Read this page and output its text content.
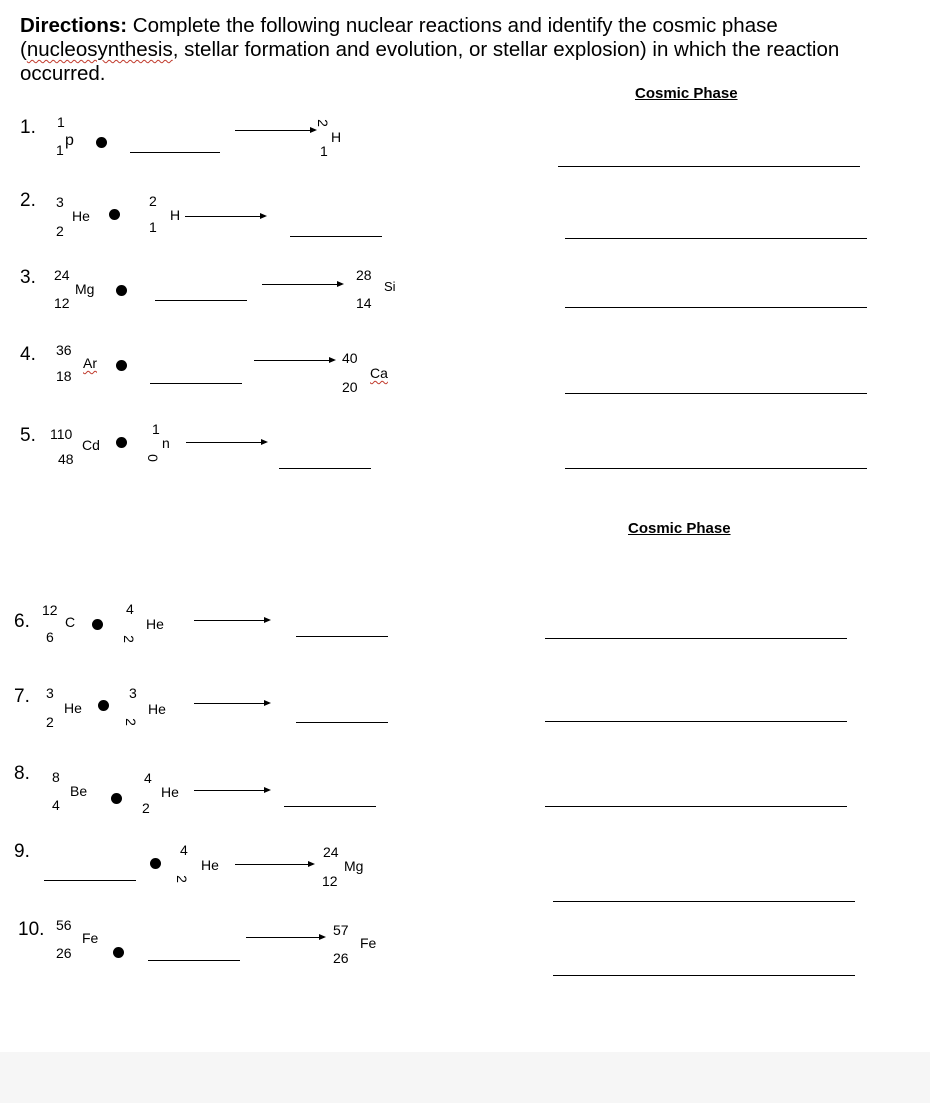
Directions: Complete the following nuclear reactions and identify the cosmic phase (nucleosynthesis, stellar formation and evolution, or stellar explosion) in which the reaction occurred.
Cosmic Phase
Cosmic Phase
1. 1
1
p
2
1
H
2. 3
2
He
2
1
H
3. 24
12
Mg
28
14
Si
4. 36
18
Ar	40
20
Ca
5. 110
48
Cd
1
0
n
6.
12
6
C
4
2
He
7. 3
2
He
3
2
He
8. 8
4
Be
4
2
He
9.	4
2
He
24
12
Mg
10. 56
26
Fe	57
26
Fe
